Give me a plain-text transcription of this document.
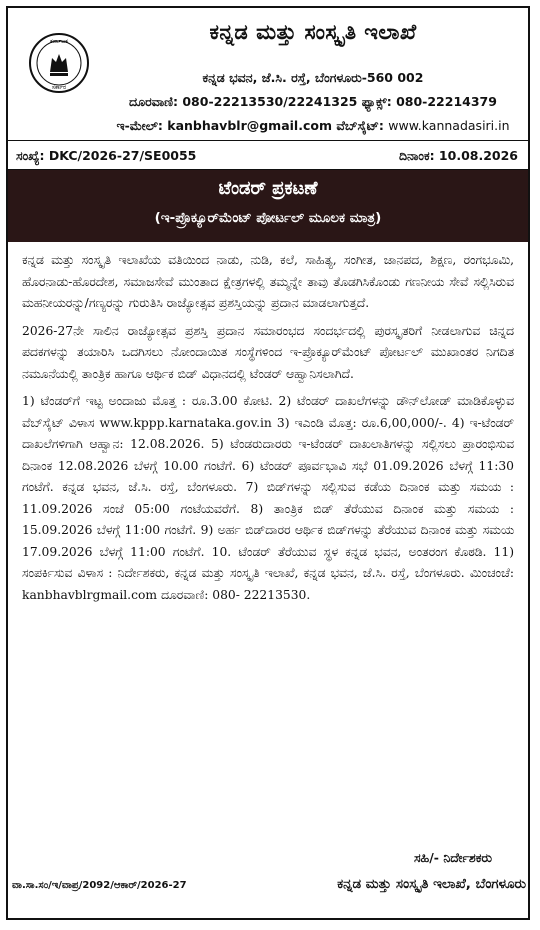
ಕರ್ನಾಟಕ
ಸರ್ಕಾರ
ಕನ್ನಡ ಮತ್ತು ಸಂಸ್ಕೃತಿ ಇಲಾಖೆ
ಕನ್ನಡ ಭವನ, ಜೆ.ಸಿ. ರಸ್ತೆ, ಬೆಂಗಳೂರು-560 002
ದೂರವಾಣಿ: 080-22213530/22241325 ಫ್ಯಾಕ್ಸ್: 080-22214379
ಇ-ಮೇಲ್: kanbhavblr@gmail.com ವೆಬ್‌ಸೈಟ್: www.kannadasiri.in
ಸಂಖ್ಯೆ: DKC/2026-27/SE0055	ದಿನಾಂಕ: 10.08.2026
ಟೆಂಡರ್ ಪ್ರಕಟಣೆ
(ಇ-ಪ್ರೊಕ್ಯೂರ್‌ಮೆಂಟ್ ಪೋರ್ಟಲ್ ಮೂಲಕ ಮಾತ್ರ)

ಕನ್ನಡ ಮತ್ತು ಸಂಸ್ಕೃತಿ ಇಲಾಖೆಯ ವತಿಯಿಂದ ನಾಡು, ನುಡಿ, ಕಲೆ, ಸಾಹಿತ್ಯ, ಸಂಗೀತ, ಜಾನಪದ, ಶಿಕ್ಷಣ, ರಂಗಭೂಮಿ, ಹೊರನಾಡು-ಹೊರದೇಶ, ಸಮಾಜಸೇವೆ ಮುಂತಾದ ಕ್ಷೇತ್ರಗಳಲ್ಲಿ ತಮ್ಮನ್ನೇ ತಾವು ತೊಡಗಿಸಿಕೊಂಡು ಗಣನೀಯ ಸೇವೆ ಸಲ್ಲಿಸಿರುವ ಮಹನೀಯರನ್ನು/ಗಣ್ಯರನ್ನು ಗುರುತಿಸಿ ರಾಜ್ಯೋತ್ಸವ ಪ್ರಶಸ್ತಿಯನ್ನು ಪ್ರದಾನ ಮಾಡಲಾಗುತ್ತದೆ.

2026-27ನೇ ಸಾಲಿನ ರಾಜ್ಯೋತ್ಸವ ಪ್ರಶಸ್ತಿ ಪ್ರದಾನ ಸಮಾರಂಭದ ಸಂದರ್ಭದಲ್ಲಿ ಪುರಸ್ಕೃತರಿಗೆ ನೀಡಲಾಗುವ ಚಿನ್ನದ ಪದಕಗಳನ್ನು ತಯಾರಿಸಿ ಒದಗಿಸಲು ನೋಂದಾಯಿತ ಸಂಸ್ಥೆಗಳಿಂದ ಇ-ಪ್ರೊಕ್ಯೂರ್‌ಮೆಂಟ್ ಪೋರ್ಟಲ್ ಮುಖಾಂತರ ನಿಗದಿತ ನಮೂನೆಯಲ್ಲಿ ತಾಂತ್ರಿಕ ಹಾಗೂ ಆರ್ಥಿಕ ಬಿಡ್ ವಿಧಾನದಲ್ಲಿ ಟೆಂಡರ್ ಆಹ್ವಾನಿಸಲಾಗಿದೆ.

1) ಟೆಂಡರ್‌ಗೆ ಇಟ್ಟ ಅಂದಾಜು ಮೊತ್ತ : ರೂ.3.00 ಕೋಟಿ. 2) ಟೆಂಡರ್ ದಾಖಲೆಗಳನ್ನು ಡೌನ್‌ಲೋಡ್ ಮಾಡಿಕೊಳ್ಳುವ ವೆಬ್‌ಸೈಟ್ ವಿಳಾಸ www.kppp.karnataka.gov.in 3) ಇಎಂಡಿ ಮೊತ್ತ: ರೂ.6,00,000/-. 4) ಇ-ಟೆಂಡರ್ ದಾಖಲೆಗಳಿಗಾಗಿ ಆಹ್ವಾನ: 12.08.2026. 5) ಟೆಂಡರುದಾರರು ಇ-ಟೆಂಡರ್ ದಾಖಲಾತಿಗಳನ್ನು ಸಲ್ಲಿಸಲು ಪ್ರಾರಂಭಿಸುವ ದಿನಾಂಕ 12.08.2026 ಬೆಳಗ್ಗೆ 10.00 ಗಂಟೆಗೆ. 6) ಟೆಂಡರ್ ಪೂರ್ವಭಾವಿ ಸಭೆ 01.09.2026 ಬೆಳಗ್ಗೆ 11:30 ಗಂಟೆಗೆ. ಕನ್ನಡ ಭವನ, ಜೆ.ಸಿ. ರಸ್ತೆ, ಬೆಂಗಳೂರು. 7) ಬಿಡ್‌ಗಳನ್ನು ಸಲ್ಲಿಸುವ ಕಡೆಯ ದಿನಾಂಕ ಮತ್ತು ಸಮಯ : 11.09.2026 ಸಂಜೆ 05:00 ಗಂಟೆಯವರೆಗೆ. 8) ತಾಂತ್ರಿಕ ಬಿಡ್ ತೆರೆಯುವ ದಿನಾಂಕ ಮತ್ತು ಸಮಯ : 15.09.2026 ಬೆಳಗ್ಗೆ 11:00 ಗಂಟೆಗೆ. 9) ಅರ್ಹ ಬಿಡ್‌ದಾರರ ಆರ್ಥಿಕ ಬಿಡ್‌ಗಳನ್ನು ತೆರೆಯುವ ದಿನಾಂಕ ಮತ್ತು ಸಮಯ 17.09.2026 ಬೆಳಗ್ಗೆ 11:00 ಗಂಟೆಗೆ. 10. ಟೆಂಡರ್ ತೆರೆಯುವ ಸ್ಥಳ ಕನ್ನಡ ಭವನ, ಅಂತರಂಗ ಕೊಠಡಿ. 11) ಸಂಪರ್ಕಿಸುವ ವಿಳಾಸ : ನಿರ್ದೇಶಕರು, ಕನ್ನಡ ಮತ್ತು ಸಂಸ್ಕೃತಿ ಇಲಾಖೆ, ಕನ್ನಡ ಭವನ, ಜೆ.ಸಿ. ರಸ್ತೆ, ಬೆಂಗಳೂರು. ಮಿಂಚಂಚೆ: kanbhavblrgmail.com ದೂರವಾಣಿ: 080- 22213530.

ಸಹಿ/- ನಿರ್ದೇಶಕರು
ವಾ.ಸಾ.ಸಂ/ಇ/ವಾಪ್ರ/2092/ಆಕಾರ್/2026-27	ಕನ್ನಡ ಮತ್ತು ಸಂಸ್ಕೃತಿ ಇಲಾಖೆ, ಬೆಂಗಳೂರು
